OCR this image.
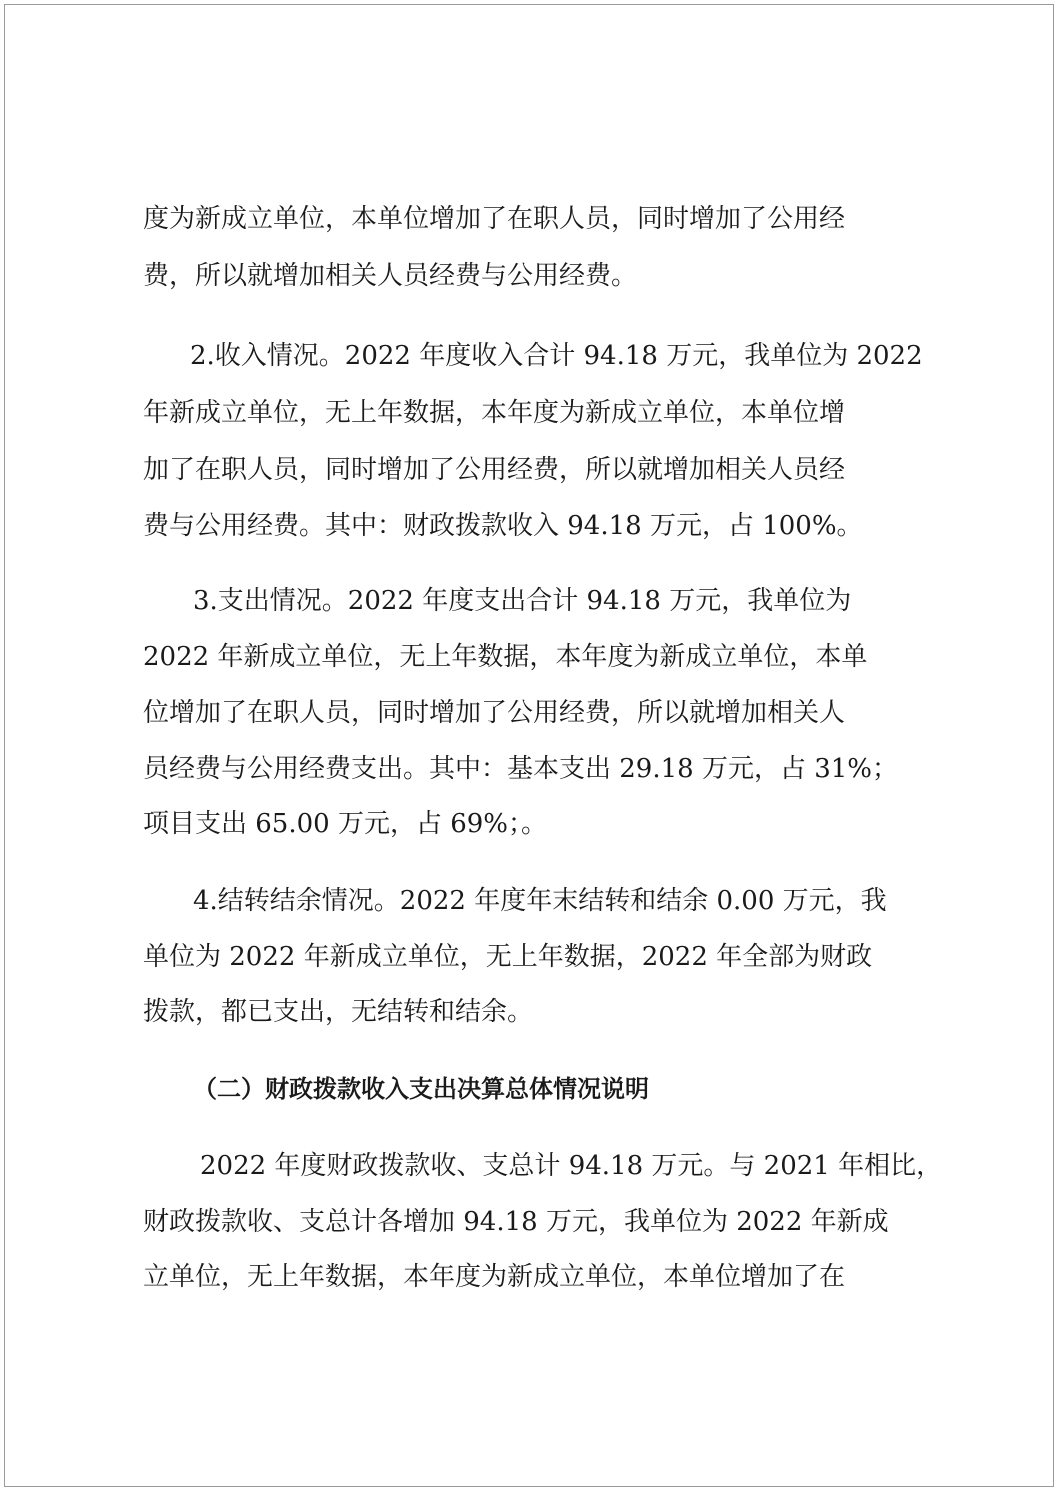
度为新成立单位，本单位增加了在职人员，同时增加了公用经
费，所以就增加相关人员经费与公用经费。
2.收入情况。2022 年度收入合计 94.18 万元，我单位为 2022
年新成立单位，无上年数据，本年度为新成立单位，本单位增
加了在职人员，同时增加了公用经费，所以就增加相关人员经
费与公用经费。其中：财政拨款收入 94.18 万元，占 100%。
3.支出情况。2022 年度支出合计 94.18 万元，我单位为
2022 年新成立单位，无上年数据，本年度为新成立单位，本单
位增加了在职人员，同时增加了公用经费，所以就增加相关人
员经费与公用经费支出。其中：基本支出 29.18 万元，占 31%；
项目支出 65.00 万元，占 69%；。
4.结转结余情况。2022 年度年末结转和结余 0.00 万元，我
单位为 2022 年新成立单位，无上年数据，2022 年全部为财政
拨款，都已支出，无结转和结余。
（二）财政拨款收入支出决算总体情况说明
2022 年度财政拨款收、支总计 94.18 万元。与 2021 年相比，
财政拨款收、支总计各增加 94.18 万元，我单位为 2022 年新成
立单位，无上年数据，本年度为新成立单位，本单位增加了在
